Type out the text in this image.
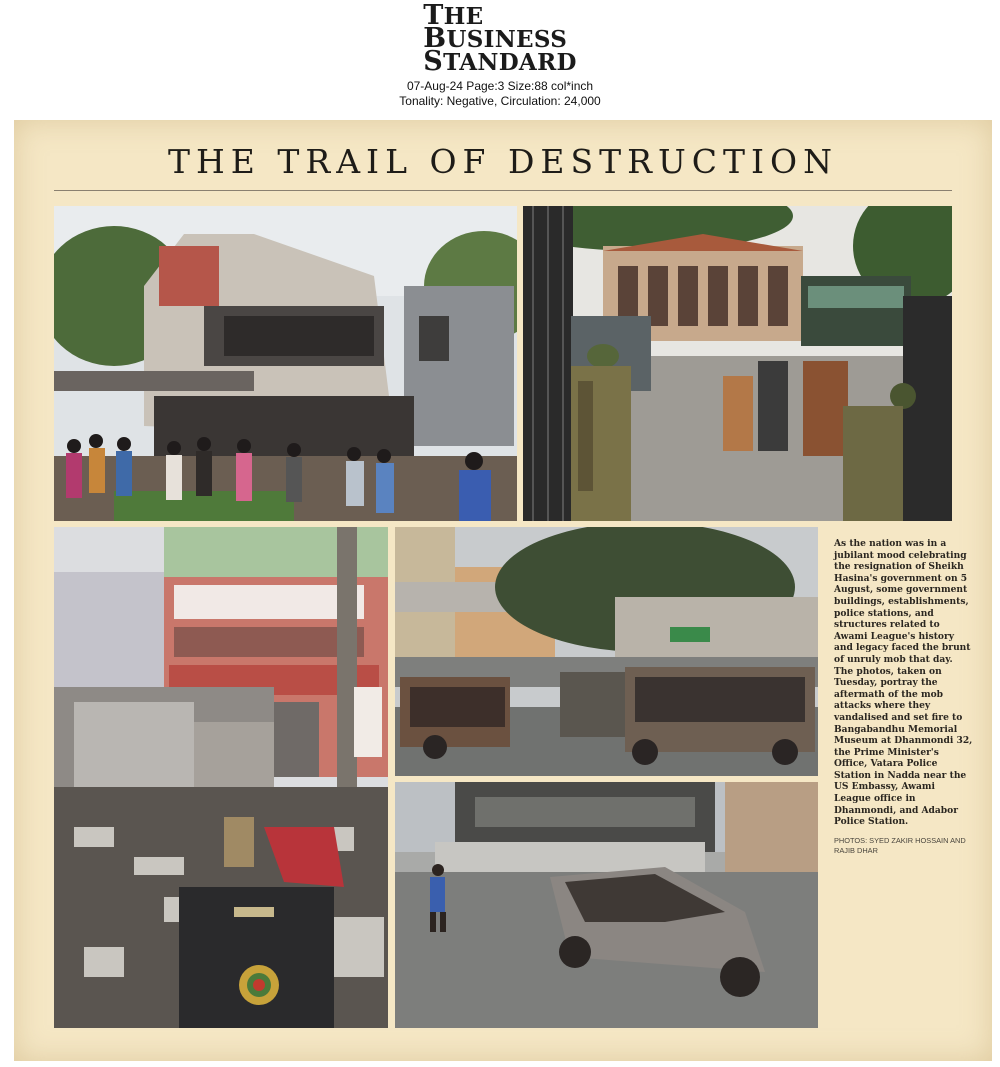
THE
BUSINESS
STANDARD
07-Aug-24 Page:3 Size:88 col*inch
Tonality: Negative, Circulation: 24,000
THE TRAIL OF DESTRUCTION
As the nation was in a jubilant mood celebrating the resignation of Sheikh Hasina's government on 5 August, some government buildings, establishments, police stations, and structures related to Awami League's history and legacy faced the brunt of unruly mob that day. The photos, taken on Tuesday, portray the aftermath of the mob attacks where they vandalised and set fire to Bangabandhu Memorial Museum at Dhanmondi 32, the Prime Minister's Office, Vatara Police Station in Nadda near the US Embassy, Awami League office in Dhanmondi, and Adabor Police Station.
PHOTOS: SYED ZAKIR HOSSAIN AND RAJIB DHAR
